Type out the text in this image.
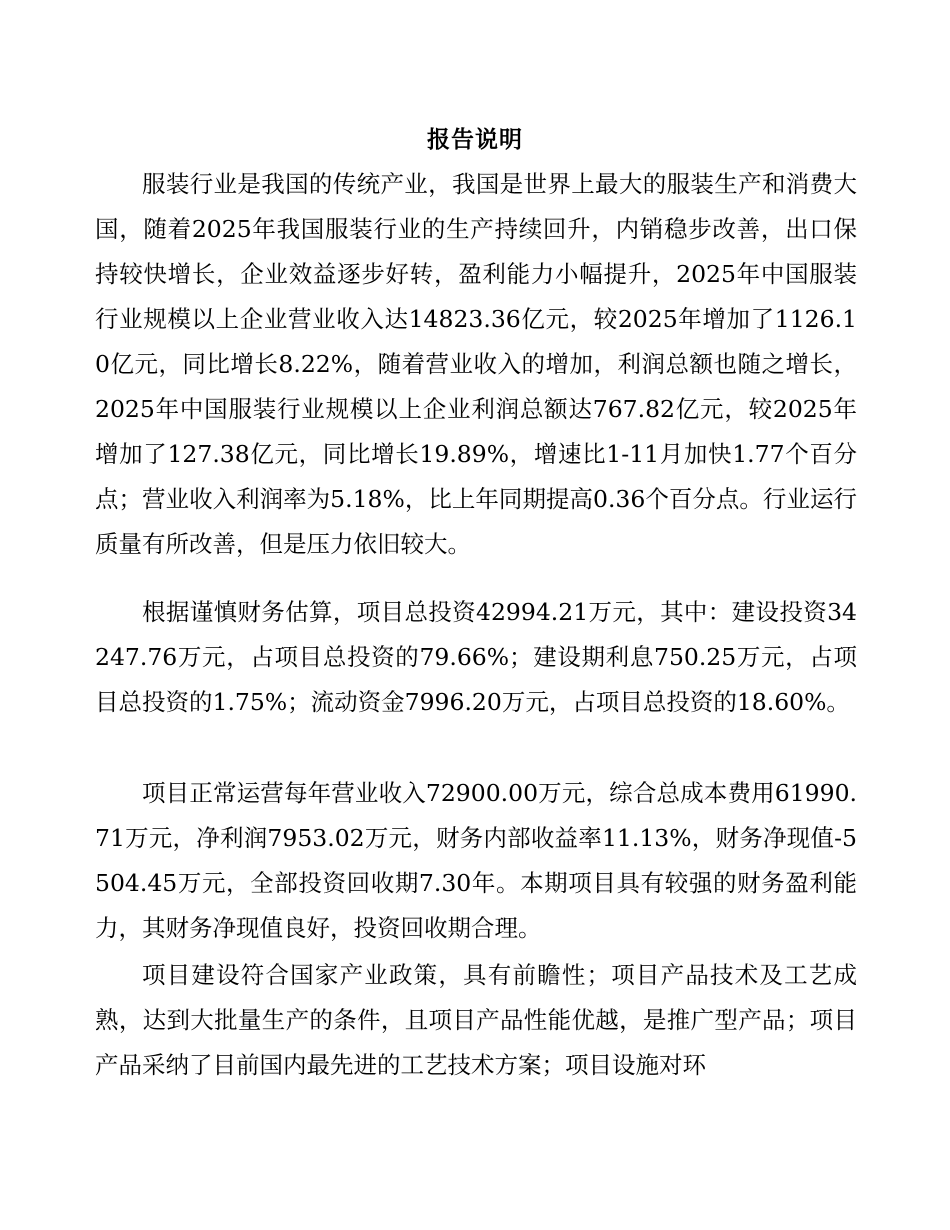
报告说明

服装行业是我国的传统产业，我国是世界上最大的服装生产和消费大国，随着2025年我国服装行业的生产持续回升，内销稳步改善，出口保持较快增长，企业效益逐步好转，盈利能力小幅提升，2025年中国服装行业规模以上企业营业收入达14823.36亿元，较2025年增加了1126.10亿元，同比增长8.22%，随着营业收入的增加，利润总额也随之增长，2025年中国服装行业规模以上企业利润总额达767.82亿元，较2025年增加了127.38亿元，同比增长19.89%，增速比1-11月加快1.77个百分点；营业收入利润率为5.18%，比上年同期提高0.36个百分点。行业运行质量有所改善，但是压力依旧较大。

根据谨慎财务估算，项目总投资42994.21万元，其中：建设投资34247.76万元，占项目总投资的79.66%；建设期利息750.25万元，占项目总投资的1.75%；流动资金7996.20万元，占项目总投资的18.60%。

项目正常运营每年营业收入72900.00万元，综合总成本费用61990.71万元，净利润7953.02万元，财务内部收益率11.13%，财务净现值-5504.45万元，全部投资回收期7.30年。本期项目具有较强的财务盈利能力，其财务净现值良好，投资回收期合理。

项目建设符合国家产业政策，具有前瞻性；项目产品技术及工艺成熟，达到大批量生产的条件，且项目产品性能优越，是推广型产品；项目产品采纳了目前国内最先进的工艺技术方案；项目设施对环
